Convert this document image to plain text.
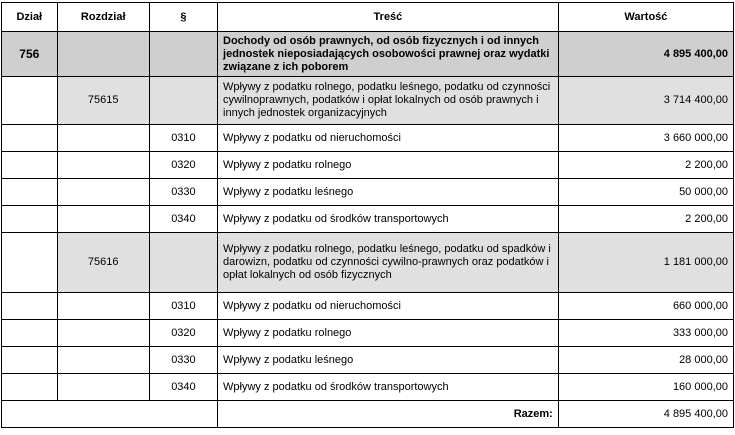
Dział	Rozdział	§	Treść	Wartość
756			Dochody od osób prawnych, od osób fizycznych i od innych jednostek nieposiadających osobowości prawnej oraz wydatki związane z ich poborem	4 895 400,00
	75615		Wpływy z podatku rolnego, podatku leśnego, podatku od czynności cywilnoprawnych, podatków i opłat lokalnych od osób prawnych i innych jednostek organizacyjnych	3 714 400,00
		0310	Wpływy z podatku od nieruchomości	3 660 000,00
		0320	Wpływy z podatku rolnego	2 200,00
		0330	Wpływy z podatku leśnego	50 000,00
		0340	Wpływy z podatku od środków transportowych	2 200,00
	75616		Wpływy z podatku rolnego, podatku leśnego, podatku od spadków i darowizn, podatku od czynności cywilno-prawnych oraz podatków i opłat lokalnych od osób fizycznych	1 181 000,00
		0310	Wpływy z podatku od nieruchomości	660 000,00
		0320	Wpływy z podatku rolnego	333 000,00
		0330	Wpływy z podatku leśnego	28 000,00
		0340	Wpływy z podatku od środków transportowych	160 000,00
			Razem:	4 895 400,00
